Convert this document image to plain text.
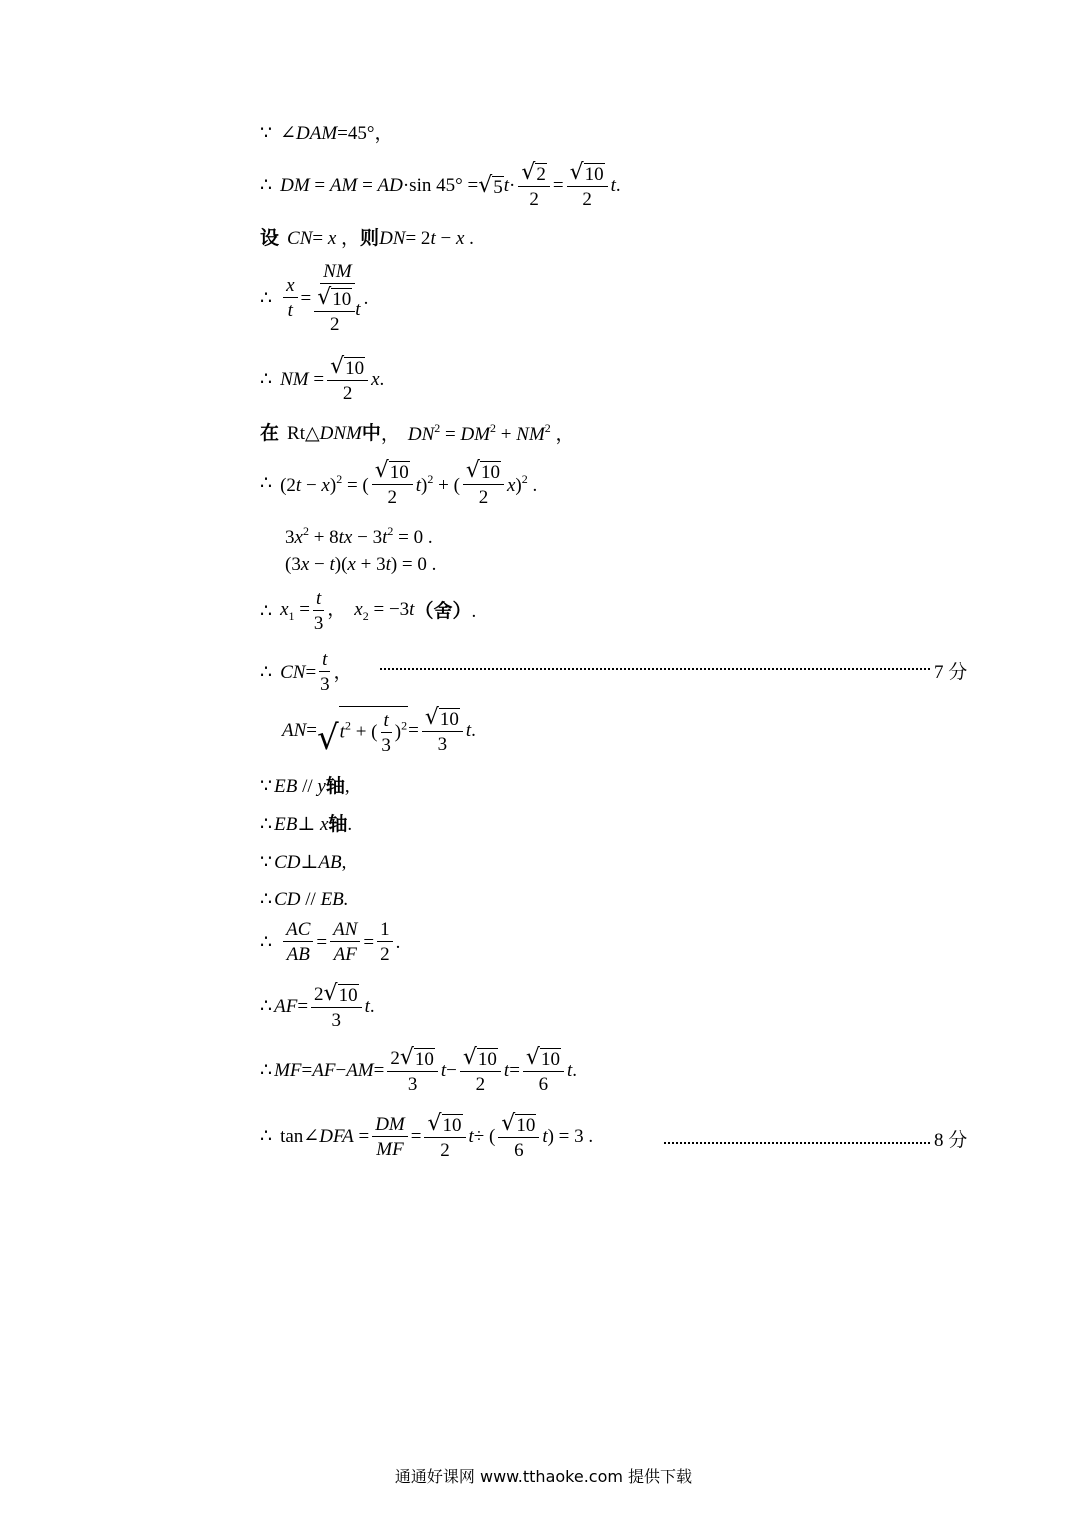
∵ ∠DAM=45°，
∴ DM = AM = AD·sin 45° = √ 5 $t \cdot \frac{√ 2}{2} = \frac{√ 10}{2}$ t .
设 CN= x ， 则 DN= 2t − x .
∴ $\frac{x}{t} = \frac{NM}{\frac{√ 10}{2} t}$ .
∴ NM = $\frac{√ 10}{2}$ x .
在 Rt△DNM 中 ， $DN^2 = DM^2 + NM^2$ ，
∴ $(2t - x)^2$ = ( $\frac{√ 10}{2} t)^2$ + ( $\frac{√ 10}{2} x)^2$ .
$3x^2 + 8tx - 3t^2 = 0$ .
(3x − t)(x + 3t) = 0 .
∴ $x_1 = \frac{t}{3}$ ， $x_2 = -3t$ （舍） .
∴ $CN= \frac{t}{3}$ ，	7 分
AN= √ $t^2$ + ( $\frac{t}{3} )^2 = \frac{√ 10}{3}$ t .
∵ EB // y 轴 ,
∴ EB⊥ x 轴 .
∵ CD⊥AB,
∴ CD // EB.
∴ $\frac{AC}{AB} = \frac{AN}{AF} = \frac{1}{2}$ .
∴ $AF= \frac{2 √ 10}{3}$ t .
∴ $MF=AF-AM= \frac{2 √ 10}{3}$ $t - \frac{√ 10}{2}$ $t = \frac{√ 10}{6}$ t .
∴ tan∠DFA = $\frac{DM}{MF} = \frac{√ 10}{2}$ t ÷ ( $\frac{√ 10}{6}$ t ) = 3 .	8 分
通通好课网 www.tthaoke.com 提供下载
